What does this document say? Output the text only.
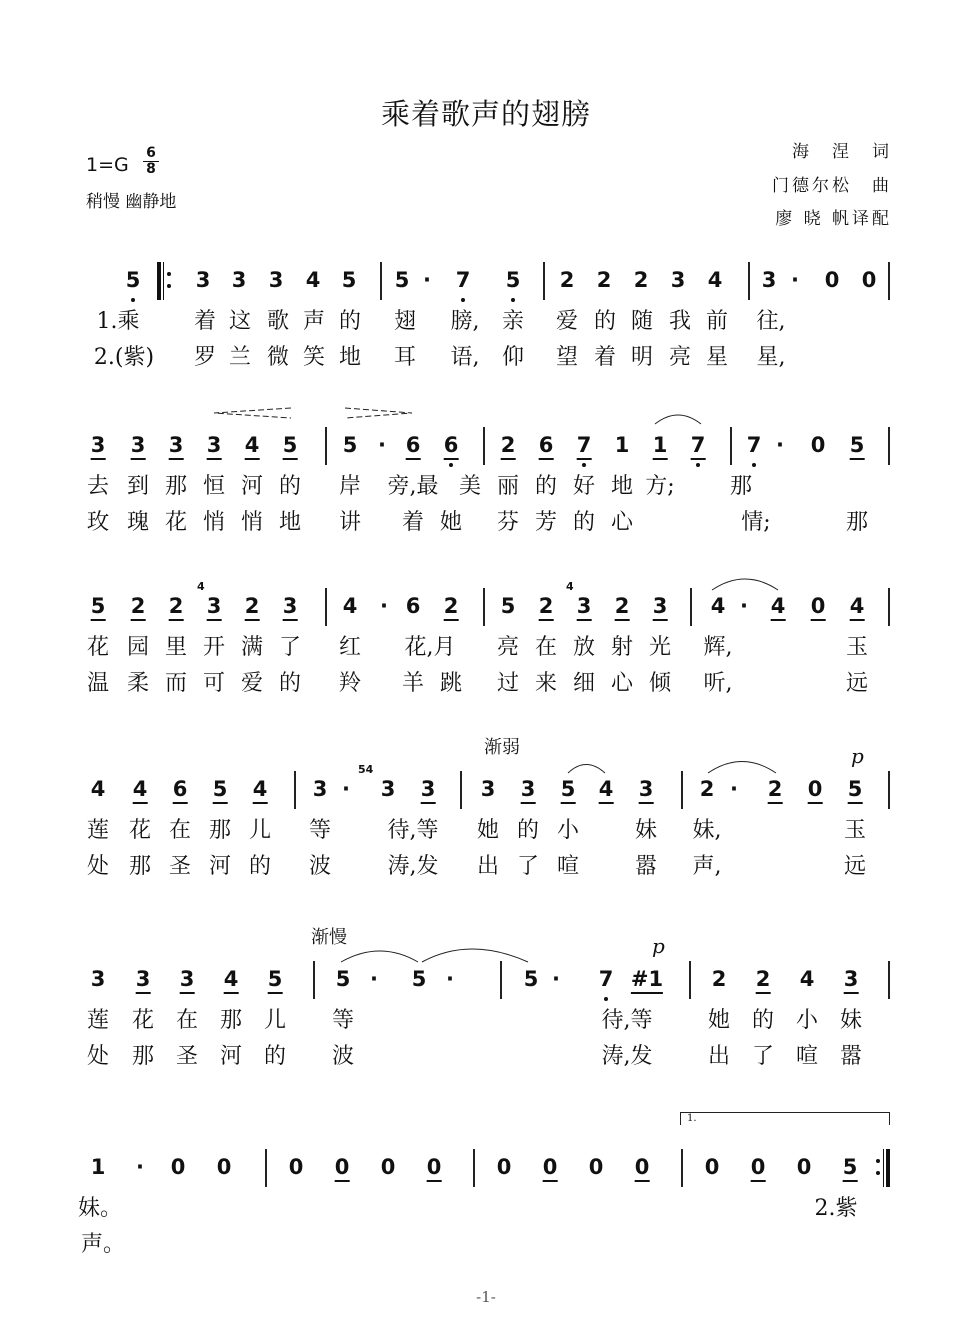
乘着歌声的翅膀
1=G
6
8
稍慢 幽静地
海　涅　词
门德尔松　曲
廖 晓 帆译配
5	3 3 3 4 5 5 · 7 5 2 2 2 3 4 3 · 0 0
1.乘 着 这 歌 声 的 翅 膀, 亲 爱 的 随 我 前 往,
2.(紫) 罗 兰 微 笑 地 耳 语, 仰 望 着 明 亮 星 星,
3 3 3 3 4 5 5 · 6 6 2 6 7 1 1 7 7 · 0 5
去 到 那 恒 河 的 岸 旁,最 美 丽 的 好 地 方;	那
玫 瑰 花 悄 悄 地 讲 着 她 芬 芳 的 心	情;	那
5 2 2 3 2 3 4 · 6 2 5 2 3 2 3 4 · 4 0 4
花 园 里 开 满 了 红 花,月 亮 在 放 射 光 辉,	玉
温 柔 而 可 爱 的 羚 羊 跳 过 来 细 心 倾 听,	远
4 4 6 5 4 3 · 3 3 3 3 5 4 3 2 · 2 0 5
莲 花 在 那 儿 等	待,等 她 的 小	妹 妹,	玉
处 那 圣 河 的 波	涛,发 出 了 喧	嚣 声,	远
3 3 3 4 5	5 · 5 ·	5 · 7 #1 2 2 4 3
莲 花 在 那 儿 等	待,等	她 的 小 妹
处 那 圣 河 的 波	涛,发	出 了 喧 嚣
1 · 0 0	0 0 0 0	0 0 0 0	0 0 0 5
妹。	2.紫
声。
渐弱
渐慢
p
p
1.
4	4
54
-1-
